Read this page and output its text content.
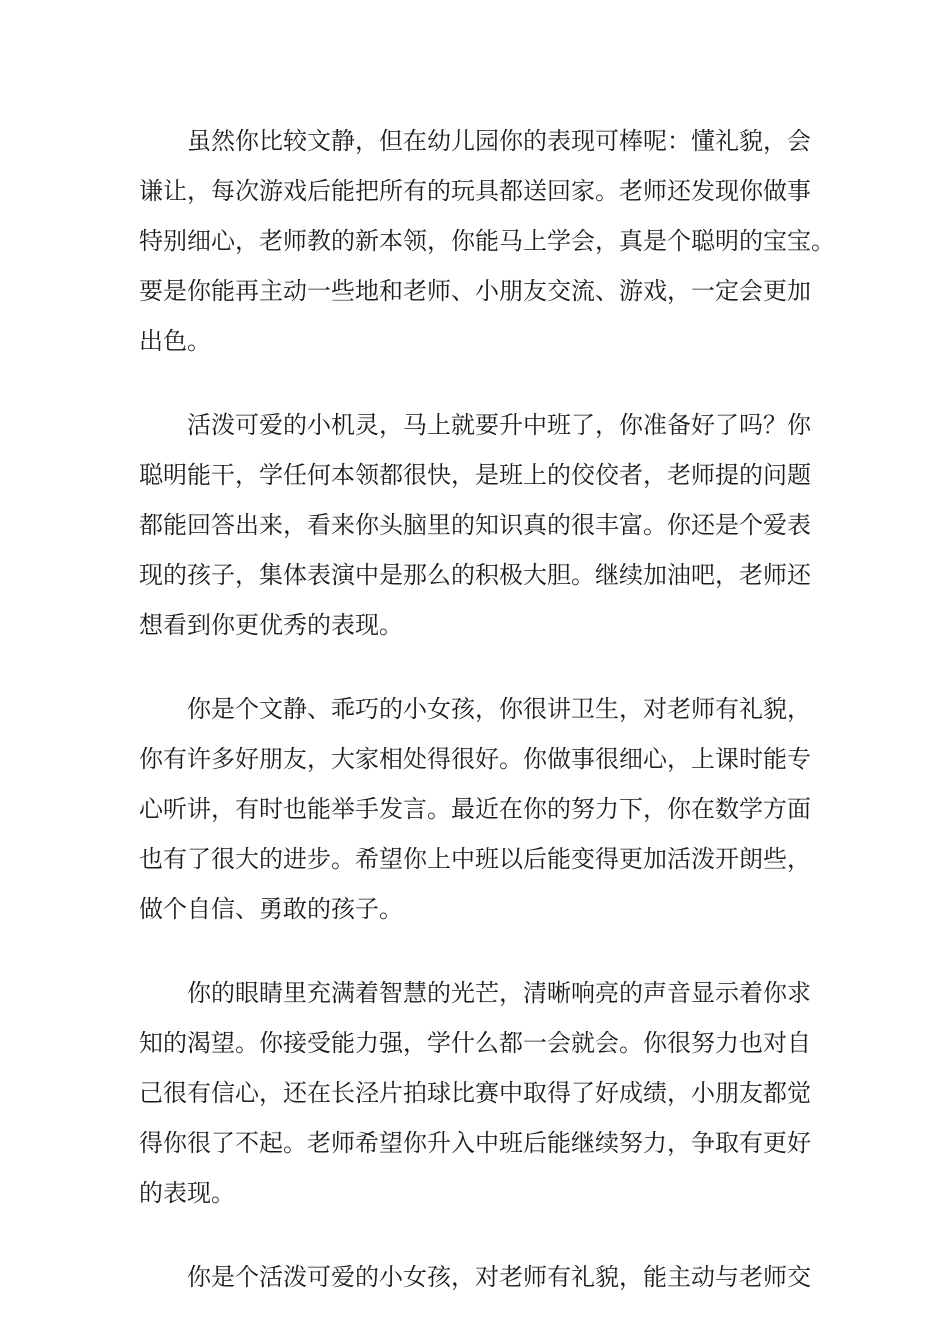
　　虽然你比较文静，但在幼儿园你的表现可棒呢：懂礼貌，会
谦让，每次游戏后能把所有的玩具都送回家。老师还发现你做事
特别细心，老师教的新本领，你能马上学会，真是个聪明的宝宝。
要是你能再主动一些地和老师、小朋友交流、游戏，一定会更加
出色。

　　活泼可爱的小机灵，马上就要升中班了，你准备好了吗？你
聪明能干，学任何本领都很快，是班上的佼佼者，老师提的问题
都能回答出来，看来你头脑里的知识真的很丰富。你还是个爱表
现的孩子，集体表演中是那么的积极大胆。继续加油吧，老师还
想看到你更优秀的表现。

　　你是个文静、乖巧的小女孩，你很讲卫生，对老师有礼貌，
你有许多好朋友，大家相处得很好。你做事很细心，上课时能专
心听讲，有时也能举手发言。最近在你的努力下，你在数学方面
也有了很大的进步。希望你上中班以后能变得更加活泼开朗些，
做个自信、勇敢的孩子。

　　你的眼睛里充满着智慧的光芒，清晰响亮的声音显示着你求
知的渴望。你接受能力强，学什么都一会就会。你很努力也对自
己很有信心，还在长泾片拍球比赛中取得了好成绩，小朋友都觉
得你很了不起。老师希望你升入中班后能继续努力，争取有更好
的表现。

　　你是个活泼可爱的小女孩，对老师有礼貌，能主动与老师交
